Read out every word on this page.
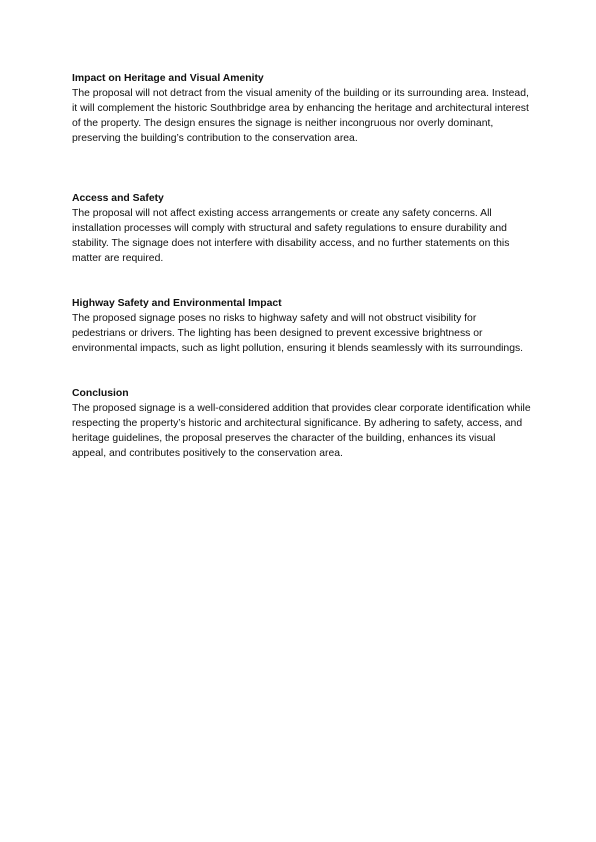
Impact on Heritage and Visual Amenity

The proposal will not detract from the visual amenity of the building or its surrounding area. Instead, it will complement the historic Southbridge area by enhancing the heritage and architectural interest of the property. The design ensures the signage is neither incongruous nor overly dominant, preserving the building’s contribution to the conservation area.

Access and Safety

The proposal will not affect existing access arrangements or create any safety concerns. All installation processes will comply with structural and safety regulations to ensure durability and stability. The signage does not interfere with disability access, and no further statements on this matter are required.

Highway Safety and Environmental Impact

The proposed signage poses no risks to highway safety and will not obstruct visibility for pedestrians or drivers. The lighting has been designed to prevent excessive brightness or environmental impacts, such as light pollution, ensuring it blends seamlessly with its surroundings.

Conclusion

The proposed signage is a well-considered addition that provides clear corporate identification while respecting the property’s historic and architectural significance. By adhering to safety, access, and heritage guidelines, the proposal preserves the character of the building, enhances its visual appeal, and contributes positively to the conservation area.
